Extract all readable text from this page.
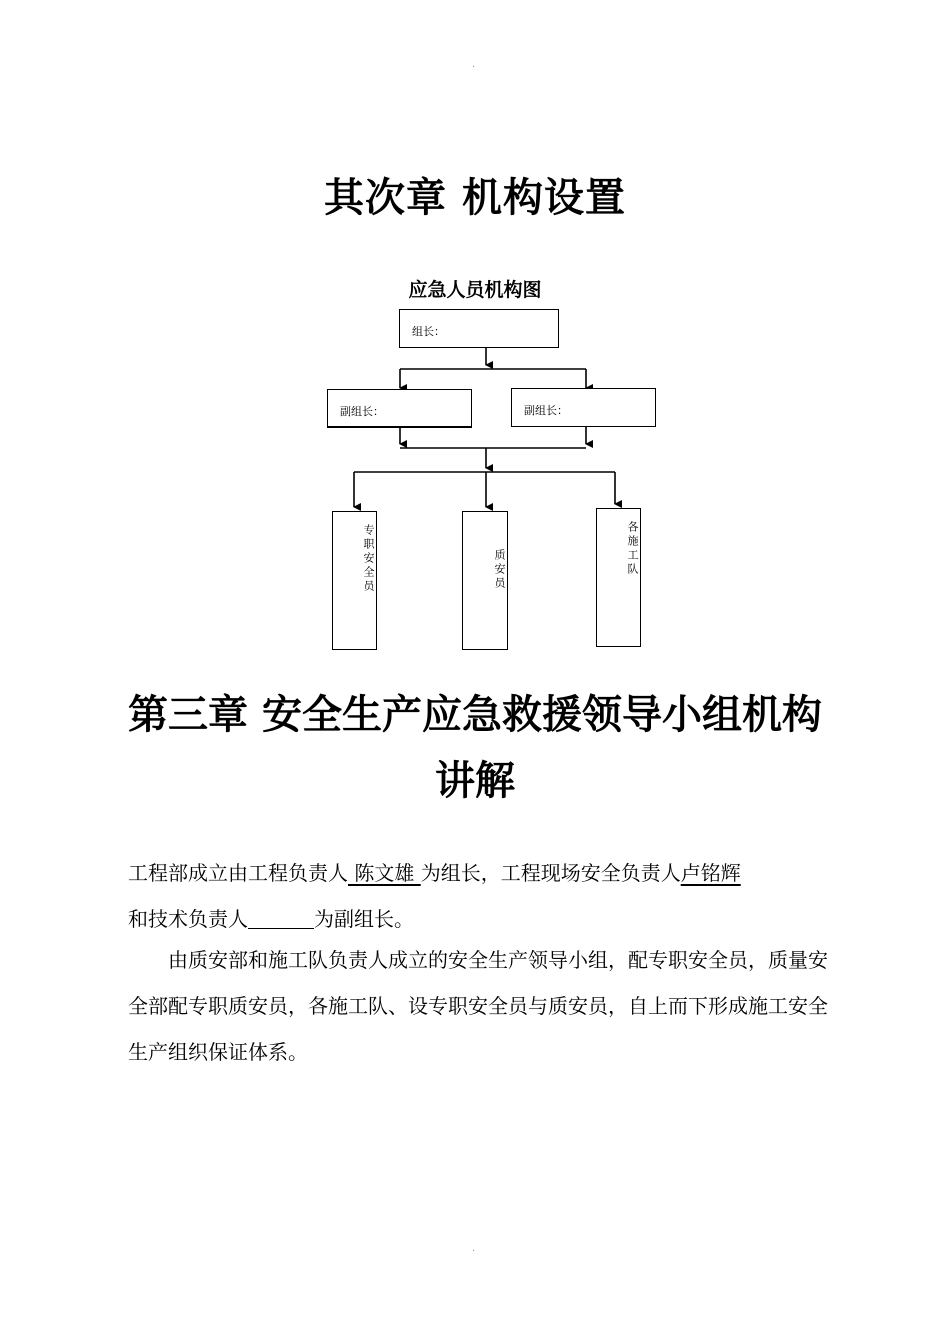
·
其次章 机构设置
应急人员机构图
组长：
副组长：	副组长：
专职安全员	质安员	各施工队
第三章 安全生产应急救援领导小组机构讲解
工程部成立由工程负责人 陈文雄 为组长，工程现场安全负责人卢铭辉
和技术负责人	为副组长。
由质安部和施工队负责人成立的安全生产领导小组，配专职安全员，质量安全部配专职质安员，各施工队、设专职安全员与质安员，自上而下形成施工安全生产组织保证体系。
·
